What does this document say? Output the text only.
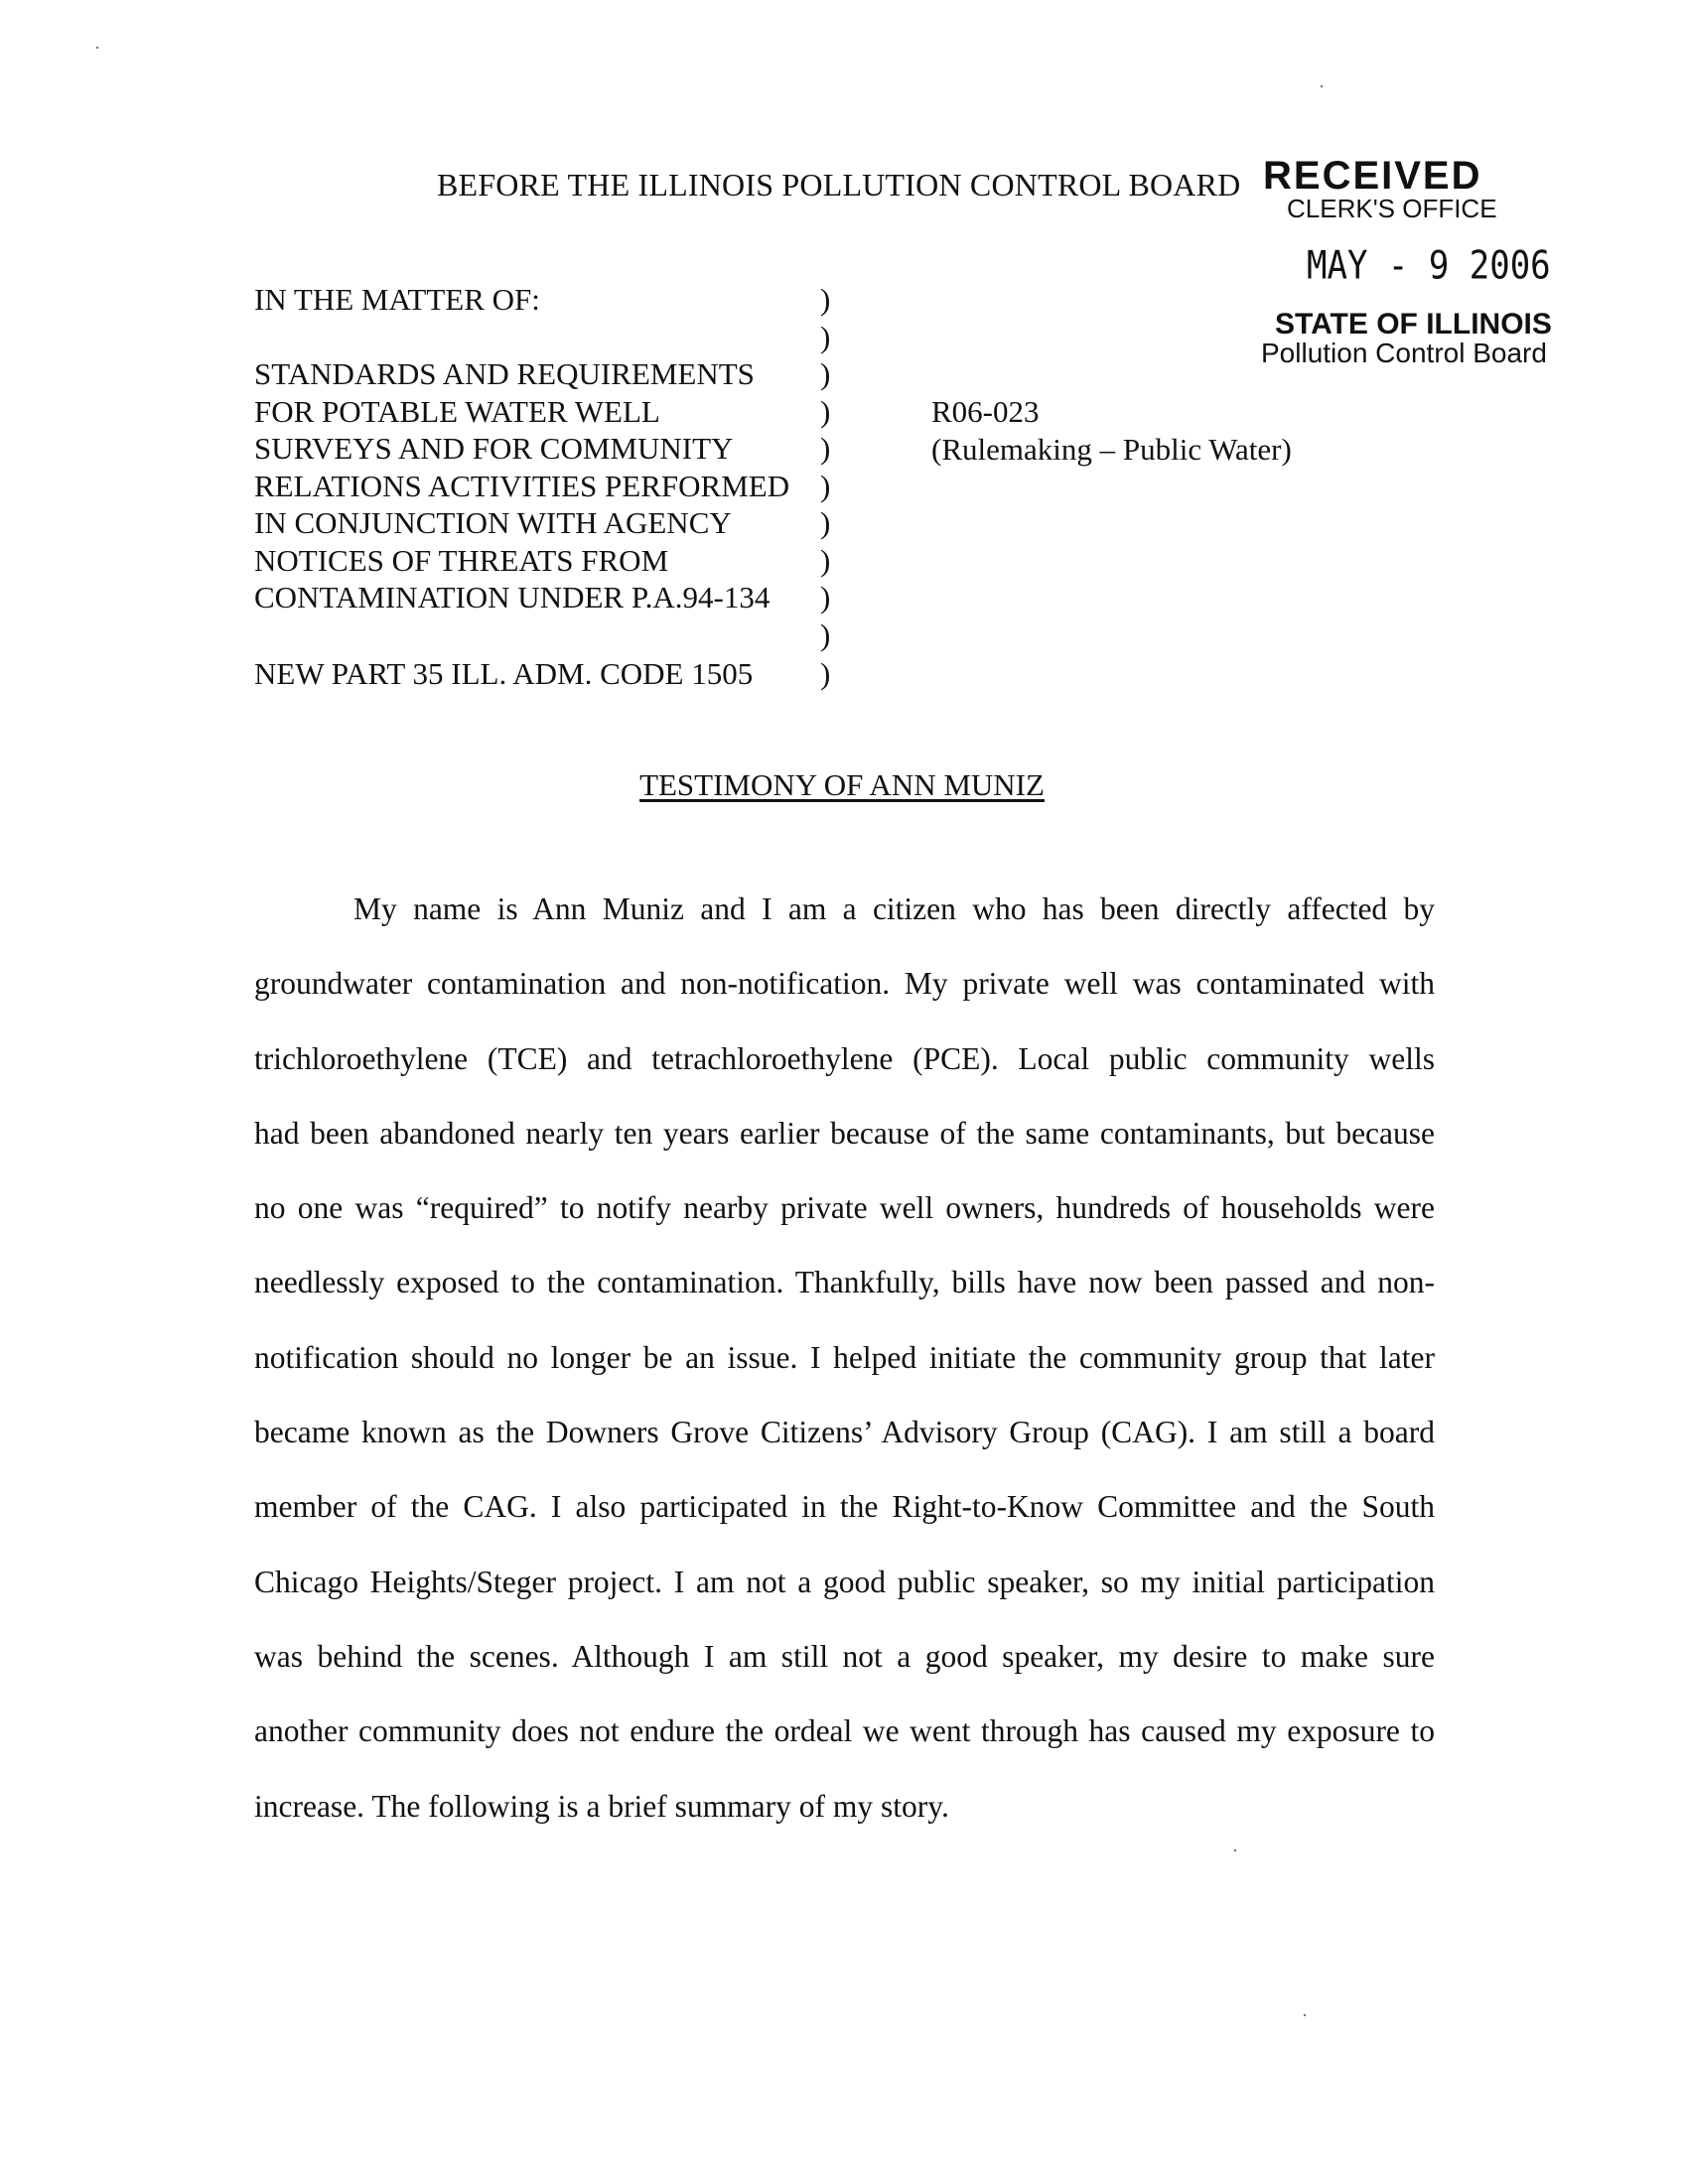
BEFORE THE ILLINOIS POLLUTION CONTROL BOARD RECEIVED
CLERK'S OFFICE
MAY - 9 2006
STATE OF ILLINOIS
Pollution Control Board
IN THE MATTER OF:
STANDARDS AND REQUIREMENTS
FOR POTABLE WATER WELL
SURVEYS AND FOR COMMUNITY
RELATIONS ACTIVITIES PERFORMED
IN CONJUNCTION WITH AGENCY
NOTICES OF THREATS FROM
CONTAMINATION UNDER P.A.94-134
NEW PART 35 ILL. ADM. CODE 1505
)
)
)
)
)
)
)
)
)
)
)
R06-023
(Rulemaking – Public Water)
TESTIMONY OF ANN MUNIZ
My name is Ann Muniz and I am a citizen who has been directly affected by
groundwater contamination and non-notification. My private well was contaminated with
trichloroethylene (TCE) and tetrachloroethylene (PCE). Local public community wells
had been abandoned nearly ten years earlier because of the same contaminants, but because
no one was “required” to notify nearby private well owners, hundreds of households were
needlessly exposed to the contamination. Thankfully, bills have now been passed and non-
notification should no longer be an issue. I helped initiate the community group that later
became known as the Downers Grove Citizens’ Advisory Group (CAG). I am still a board
member of the CAG. I also participated in the Right-to-Know Committee and the South
Chicago Heights/Steger project. I am not a good public speaker, so my initial participation
was behind the scenes. Although I am still not a good speaker, my desire to make sure
another community does not endure the ordeal we went through has caused my exposure to
increase. The following is a brief summary of my story.
